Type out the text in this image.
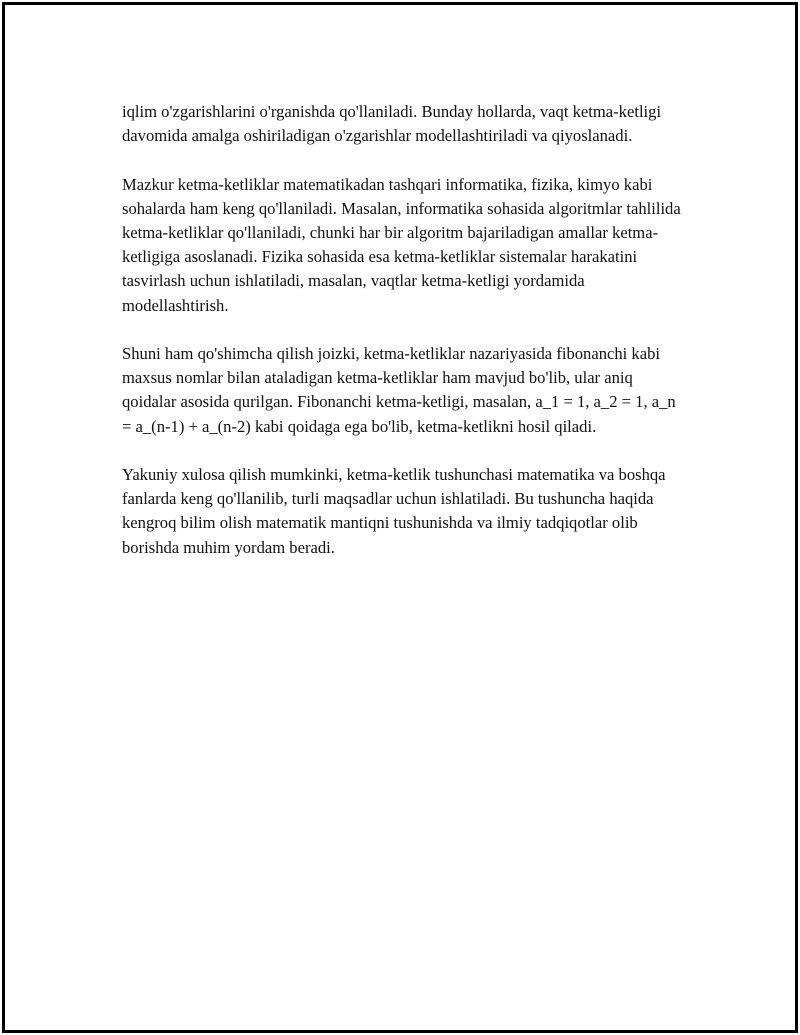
iqlim o'zgarishlarini o'rganishda qo'llaniladi. Bunday hollarda, vaqt ketma-ketligi davomida amalga oshiriladigan o'zgarishlar modellashtiriladi va qiyoslanadi.

Mazkur ketma-ketliklar matematikadan tashqari informatika, fizika, kimyo kabi sohalarda ham keng qo'llaniladi. Masalan, informatika sohasida algoritmlar tahlilida ketma-ketliklar qo'llaniladi, chunki har bir algoritm bajariladigan amallar ketma-ketligiga asoslanadi. Fizika sohasida esa ketma-ketliklar sistemalar harakatini tasvirlash uchun ishlatiladi, masalan, vaqtlar ketma-ketligi yordamida modellashtirish.

Shuni ham qo'shimcha qilish joizki, ketma-ketliklar nazariyasida fibonanchi kabi maxsus nomlar bilan ataladigan ketma-ketliklar ham mavjud bo'lib, ular aniq qoidalar asosida qurilgan. Fibonanchi ketma-ketligi, masalan, a_1 = 1, a_2 = 1, a_n = a_(n-1) + a_(n-2) kabi qoidaga ega bo'lib, ketma-ketlikni hosil qiladi.

Yakuniy xulosa qilish mumkinki, ketma-ketlik tushunchasi matematika va boshqa fanlarda keng qo'llanilib, turli maqsadlar uchun ishlatiladi. Bu tushuncha haqida kengroq bilim olish matematik mantiqni tushunishda va ilmiy tadqiqotlar olib borishda muhim yordam beradi.
